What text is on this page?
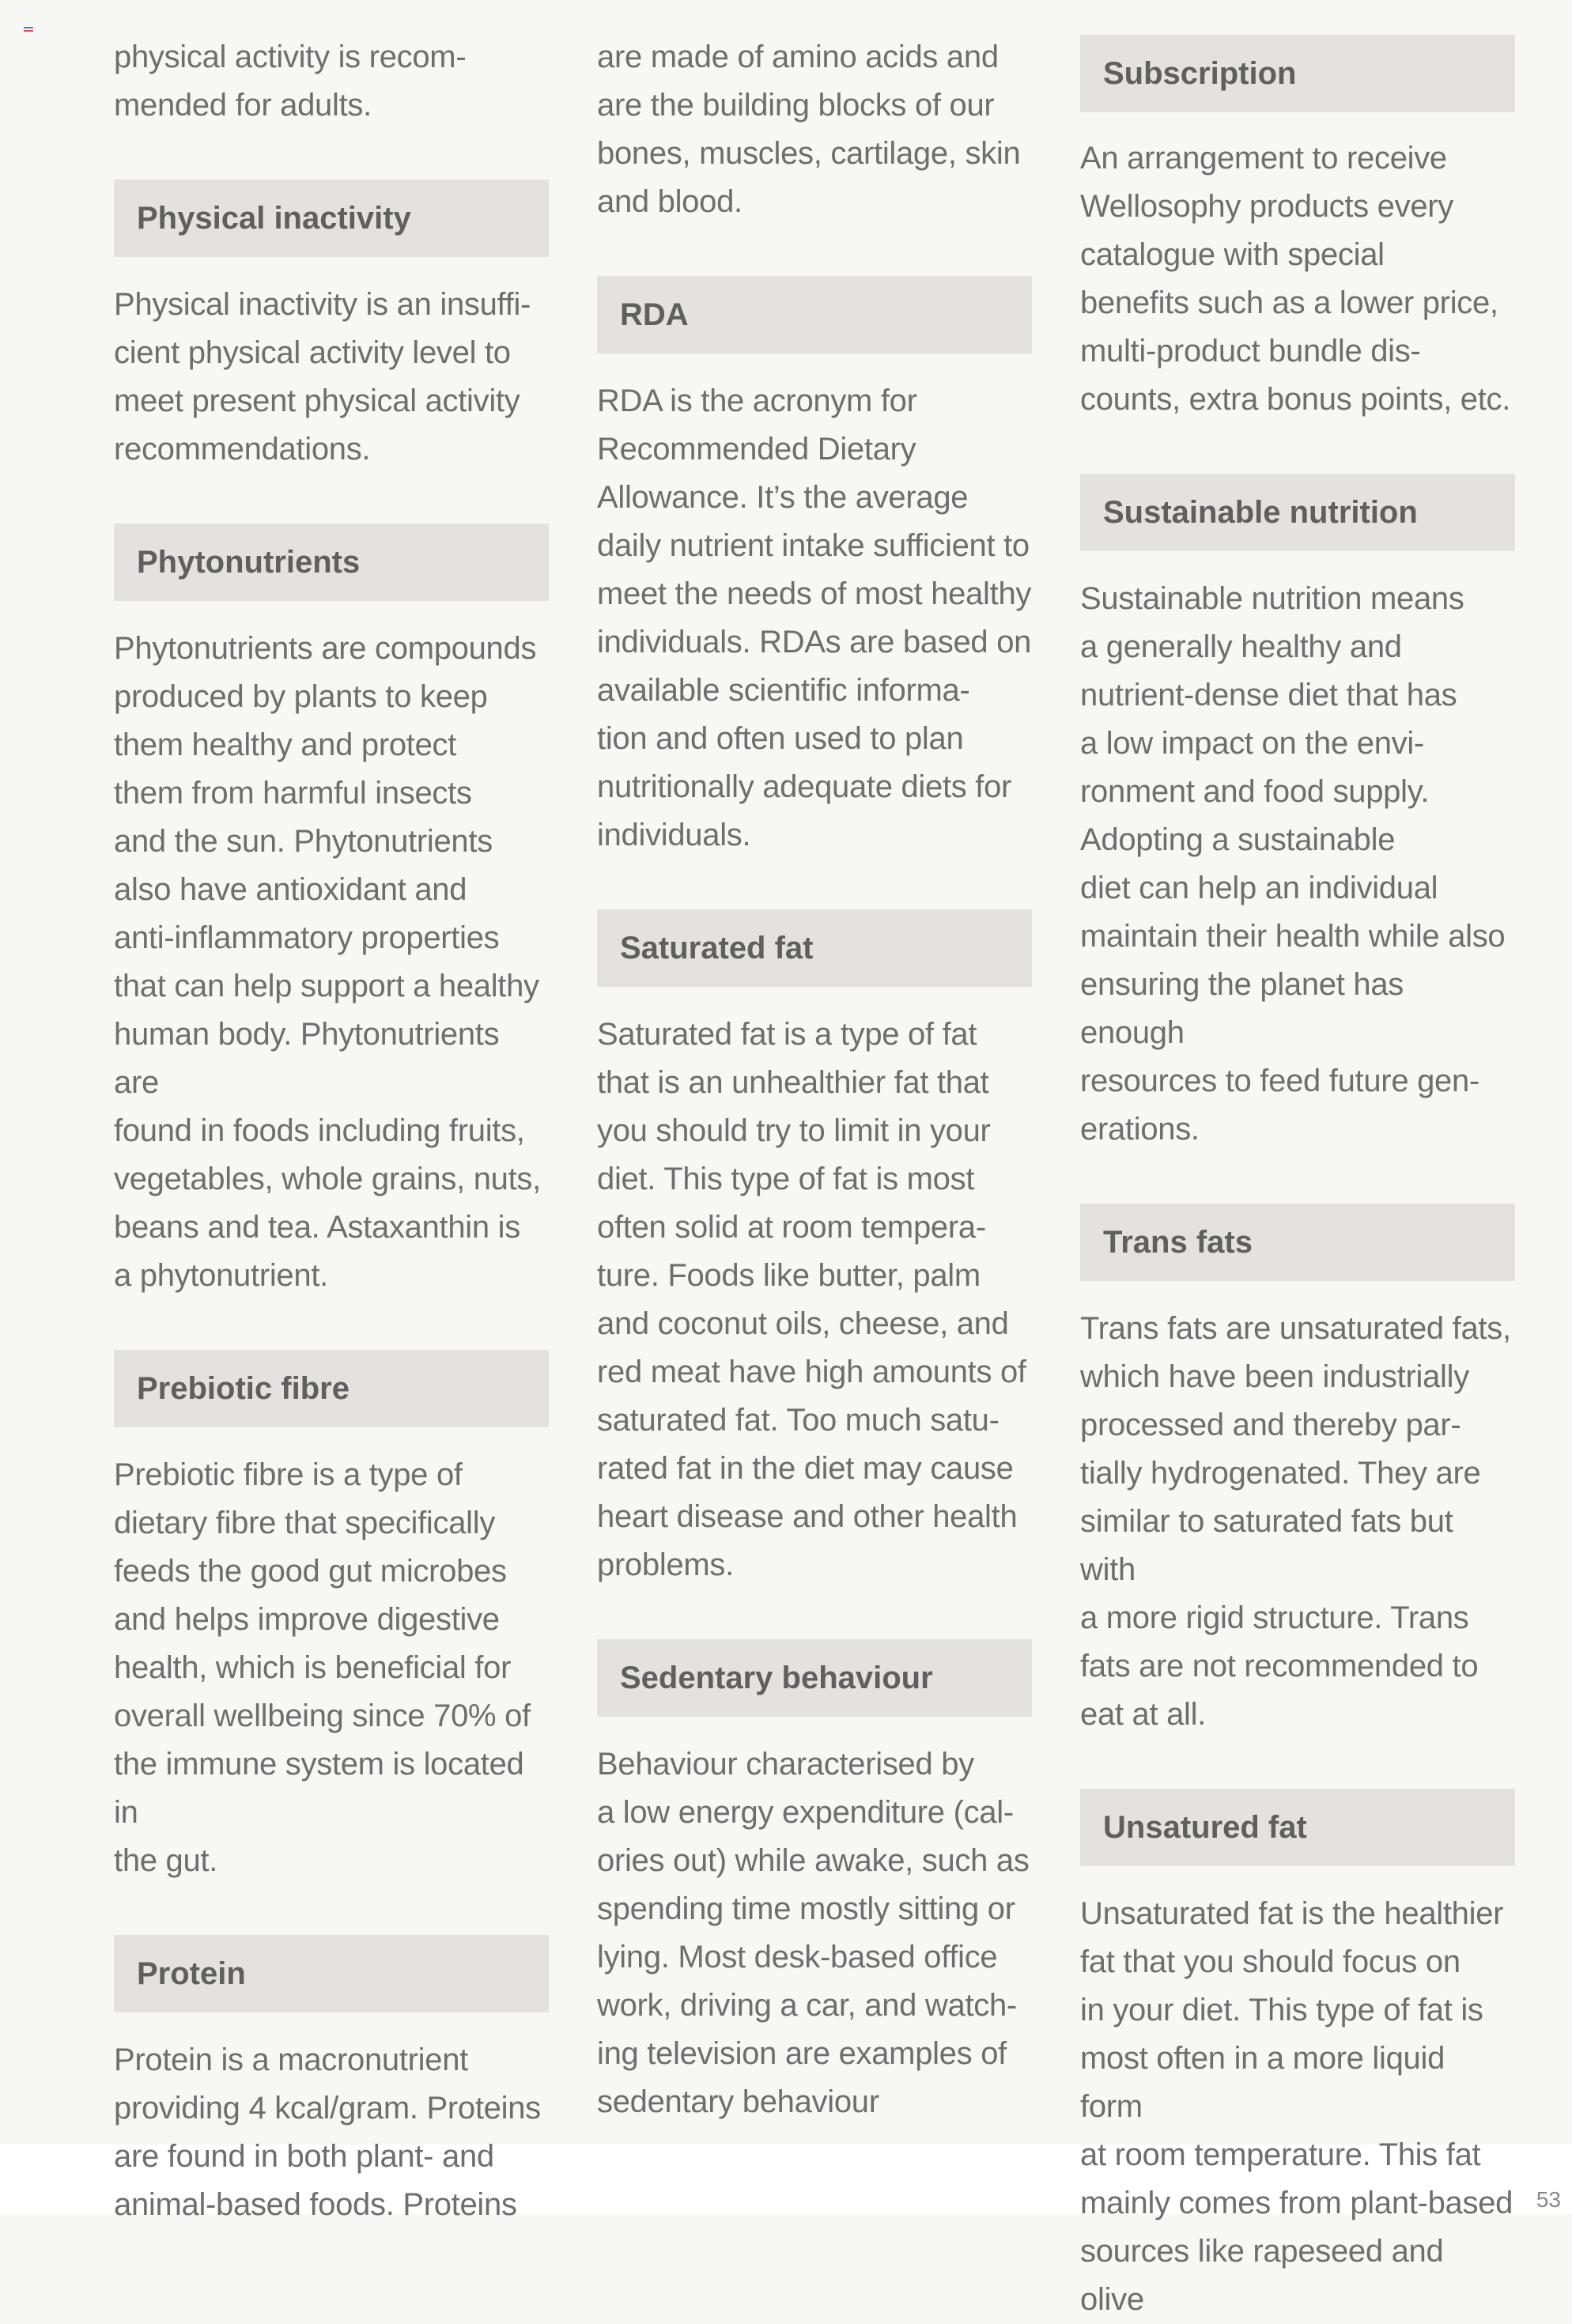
physical activity is recom-
mended for adults.

Physical inactivity

Physical inactivity is an insuffi-
cient physical activity level to
meet present physical activity
recommendations.

Phytonutrients

Phytonutrients are compounds
produced by plants to keep
them healthy and protect
them from harmful insects
and the sun. Phytonutrients
also have antioxidant and
anti-inflammatory properties
that can help support a healthy
human body. Phytonutrients are
found in foods including fruits,
vegetables, whole grains, nuts,
beans and tea. Astaxanthin is
a phytonutrient.

Prebiotic fibre

Prebiotic fibre is a type of
dietary fibre that specifically
feeds the good gut microbes
and helps improve digestive
health, which is beneficial for
overall wellbeing since 70% of
the immune system is located in
the gut.

Protein

Protein is a macronutrient
providing 4 kcal/gram. Proteins
are found in both plant- and
animal-based foods. Proteins

are made of amino acids and
are the building blocks of our
bones, muscles, cartilage, skin
and blood.

RDA

RDA is the acronym for
Recommended Dietary
Allowance. It’s the average
daily nutrient intake sufficient to
meet the needs of most healthy
individuals. RDAs are based on
available scientific informa-
tion and often used to plan
nutritionally adequate diets for
individuals.

Saturated fat

Saturated fat is a type of fat
that is an unhealthier fat that
you should try to limit in your
diet. This type of fat is most
often solid at room tempera-
ture. Foods like butter, palm
and coconut oils, cheese, and
red meat have high amounts of
saturated fat. Too much satu-
rated fat in the diet may cause
heart disease and other health
problems.

Sedentary behaviour

Behaviour characterised by
a low energy expenditure (cal-
ories out) while awake, such as
spending time mostly sitting or
lying. Most desk-based office
work, driving a car, and watch-
ing television are examples of
sedentary behaviour

Subscription

An arrangement to receive
Wellosophy products every
catalogue with special
benefits such as a lower price,
multi-product bundle dis-
counts, extra bonus points, etc.

Sustainable nutrition

Sustainable nutrition means
a generally healthy and
nutrient-dense diet that has
a low impact on the envi-
ronment and food supply.
Adopting a sustainable
diet can help an individual
maintain their health while also
ensuring the planet has enough
resources to feed future gen-
erations.

Trans fats

Trans fats are unsaturated fats,
which have been industrially
processed and thereby par-
tially hydrogenated. They are
similar to saturated fats but with
a more rigid structure. Trans
fats are not recommended to
eat at all.

Unsatured fat

Unsaturated fat is the healthier
fat that you should focus on
in your diet. This type of fat is
most often in a more liquid form
at room temperature. This fat
mainly comes from plant-based
sources like rapeseed and olive

53
